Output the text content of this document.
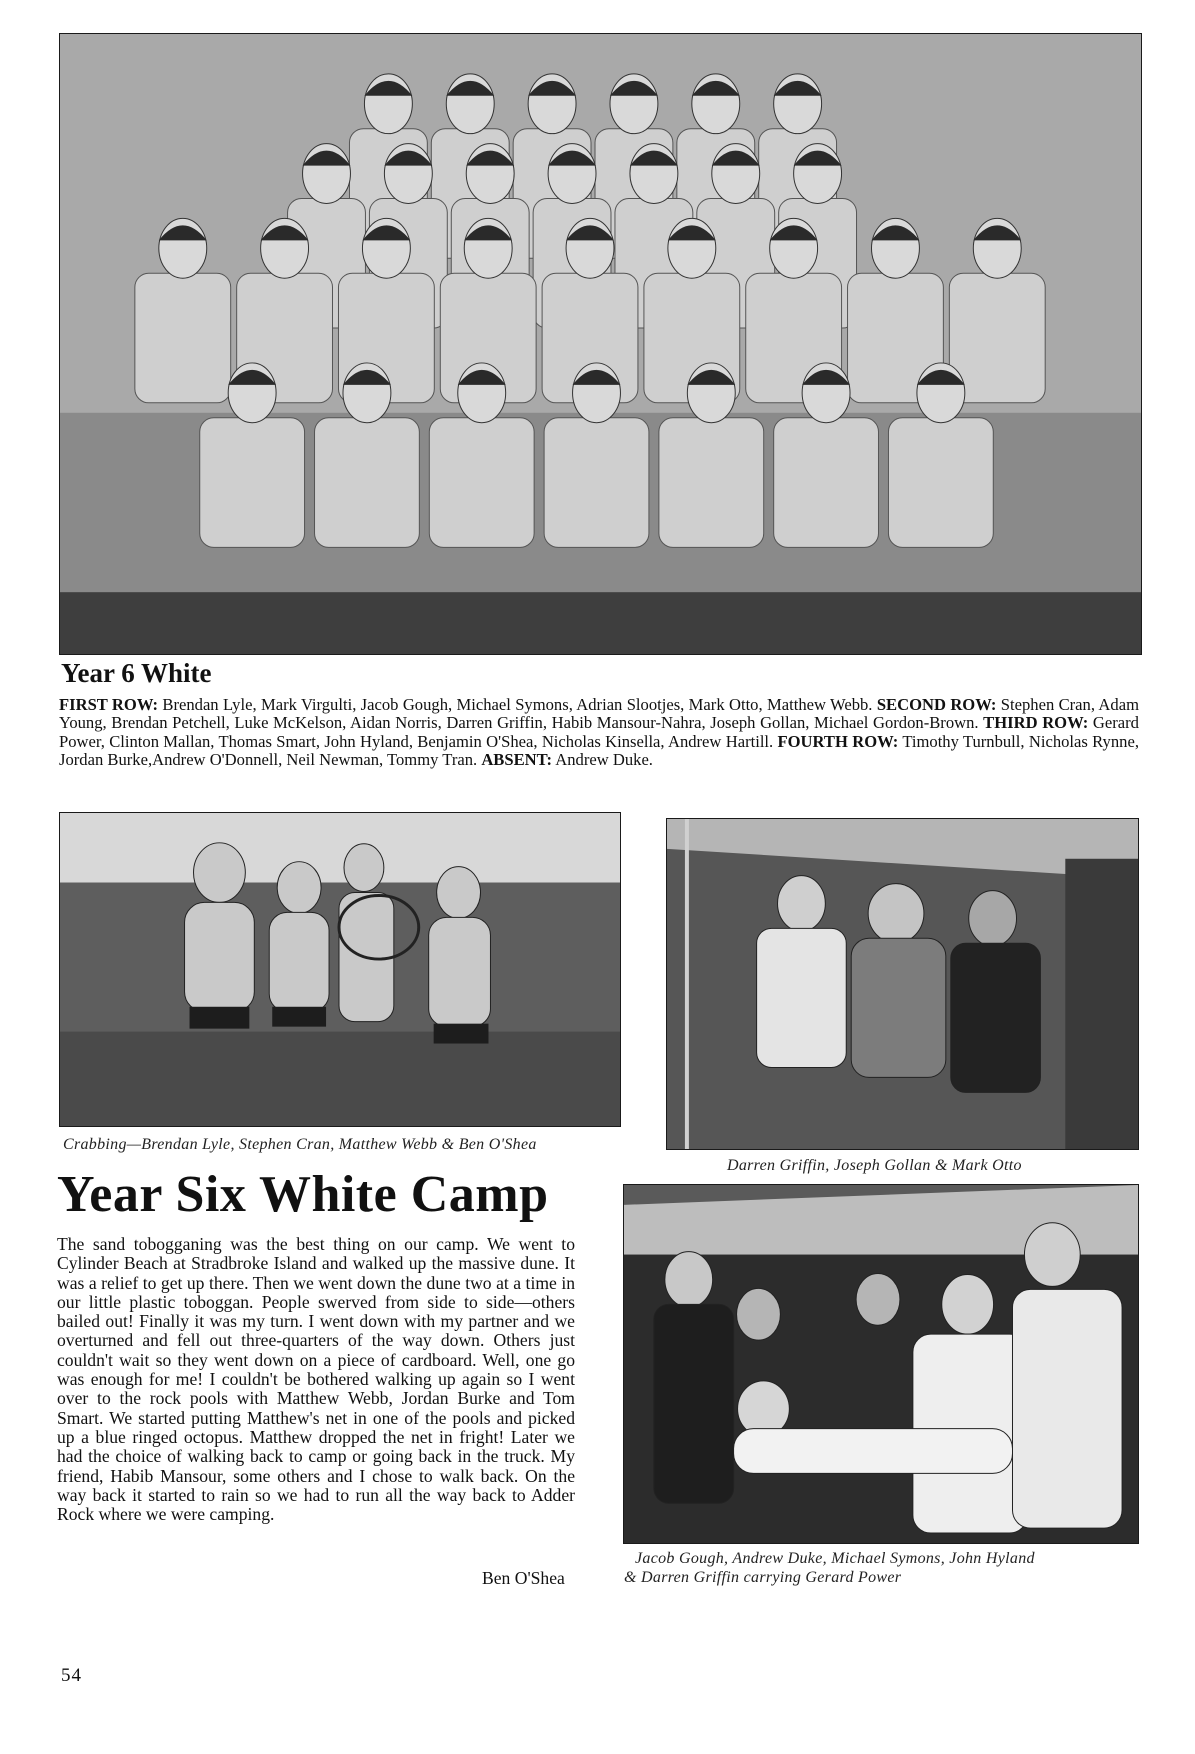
Year 6 White
FIRST ROW: Brendan Lyle, Mark Virgulti, Jacob Gough, Michael Symons, Adrian Slootjes, Mark Otto, Matthew Webb. SECOND ROW: Stephen Cran, Adam Young, Brendan Petchell, Luke McKelson, Aidan Norris, Darren Griffin, Habib Mansour-Nahra, Joseph Gollan, Michael Gordon-Brown. THIRD ROW: Gerard Power, Clinton Mallan, Thomas Smart, John Hyland, Benjamin O'Shea, Nicholas Kinsella, Andrew Hartill. FOURTH ROW: Timothy Turnbull, Nicholas Rynne, Jordan Burke,Andrew O'Donnell, Neil Newman, Tommy Tran. ABSENT: Andrew Duke.
Crabbing—Brendan Lyle, Stephen Cran, Matthew Webb & Ben O'Shea
Darren Griffin, Joseph Gollan & Mark Otto
Year Six White Camp
The sand tobogganing was the best thing on our camp. We went to Cylinder Beach at Stradbroke Island and walked up the massive dune. It was a relief to get up there. Then we went down the dune two at a time in our little plastic toboggan. People swerved from side to side—others bailed out! Finally it was my turn. I went down with my partner and we overturned and fell out three-quarters of the way down. Others just couldn't wait so they went down on a piece of cardboard. Well, one go was enough for me! I couldn't be bothered walking up again so I went over to the rock pools with Matthew Webb, Jordan Burke and Tom Smart. We started putting Matthew's net in one of the pools and picked up a blue ringed octopus. Matthew dropped the net in fright! Later we had the choice of walking back to camp or going back in the truck. My friend, Habib Mansour, some others and I chose to walk back. On the way back it started to rain so we had to run all the way back to Adder Rock where we were camping.
Ben O'Shea
Jacob Gough, Andrew Duke, Michael Symons, John Hyland
& Darren Griffin carrying Gerard Power
54
